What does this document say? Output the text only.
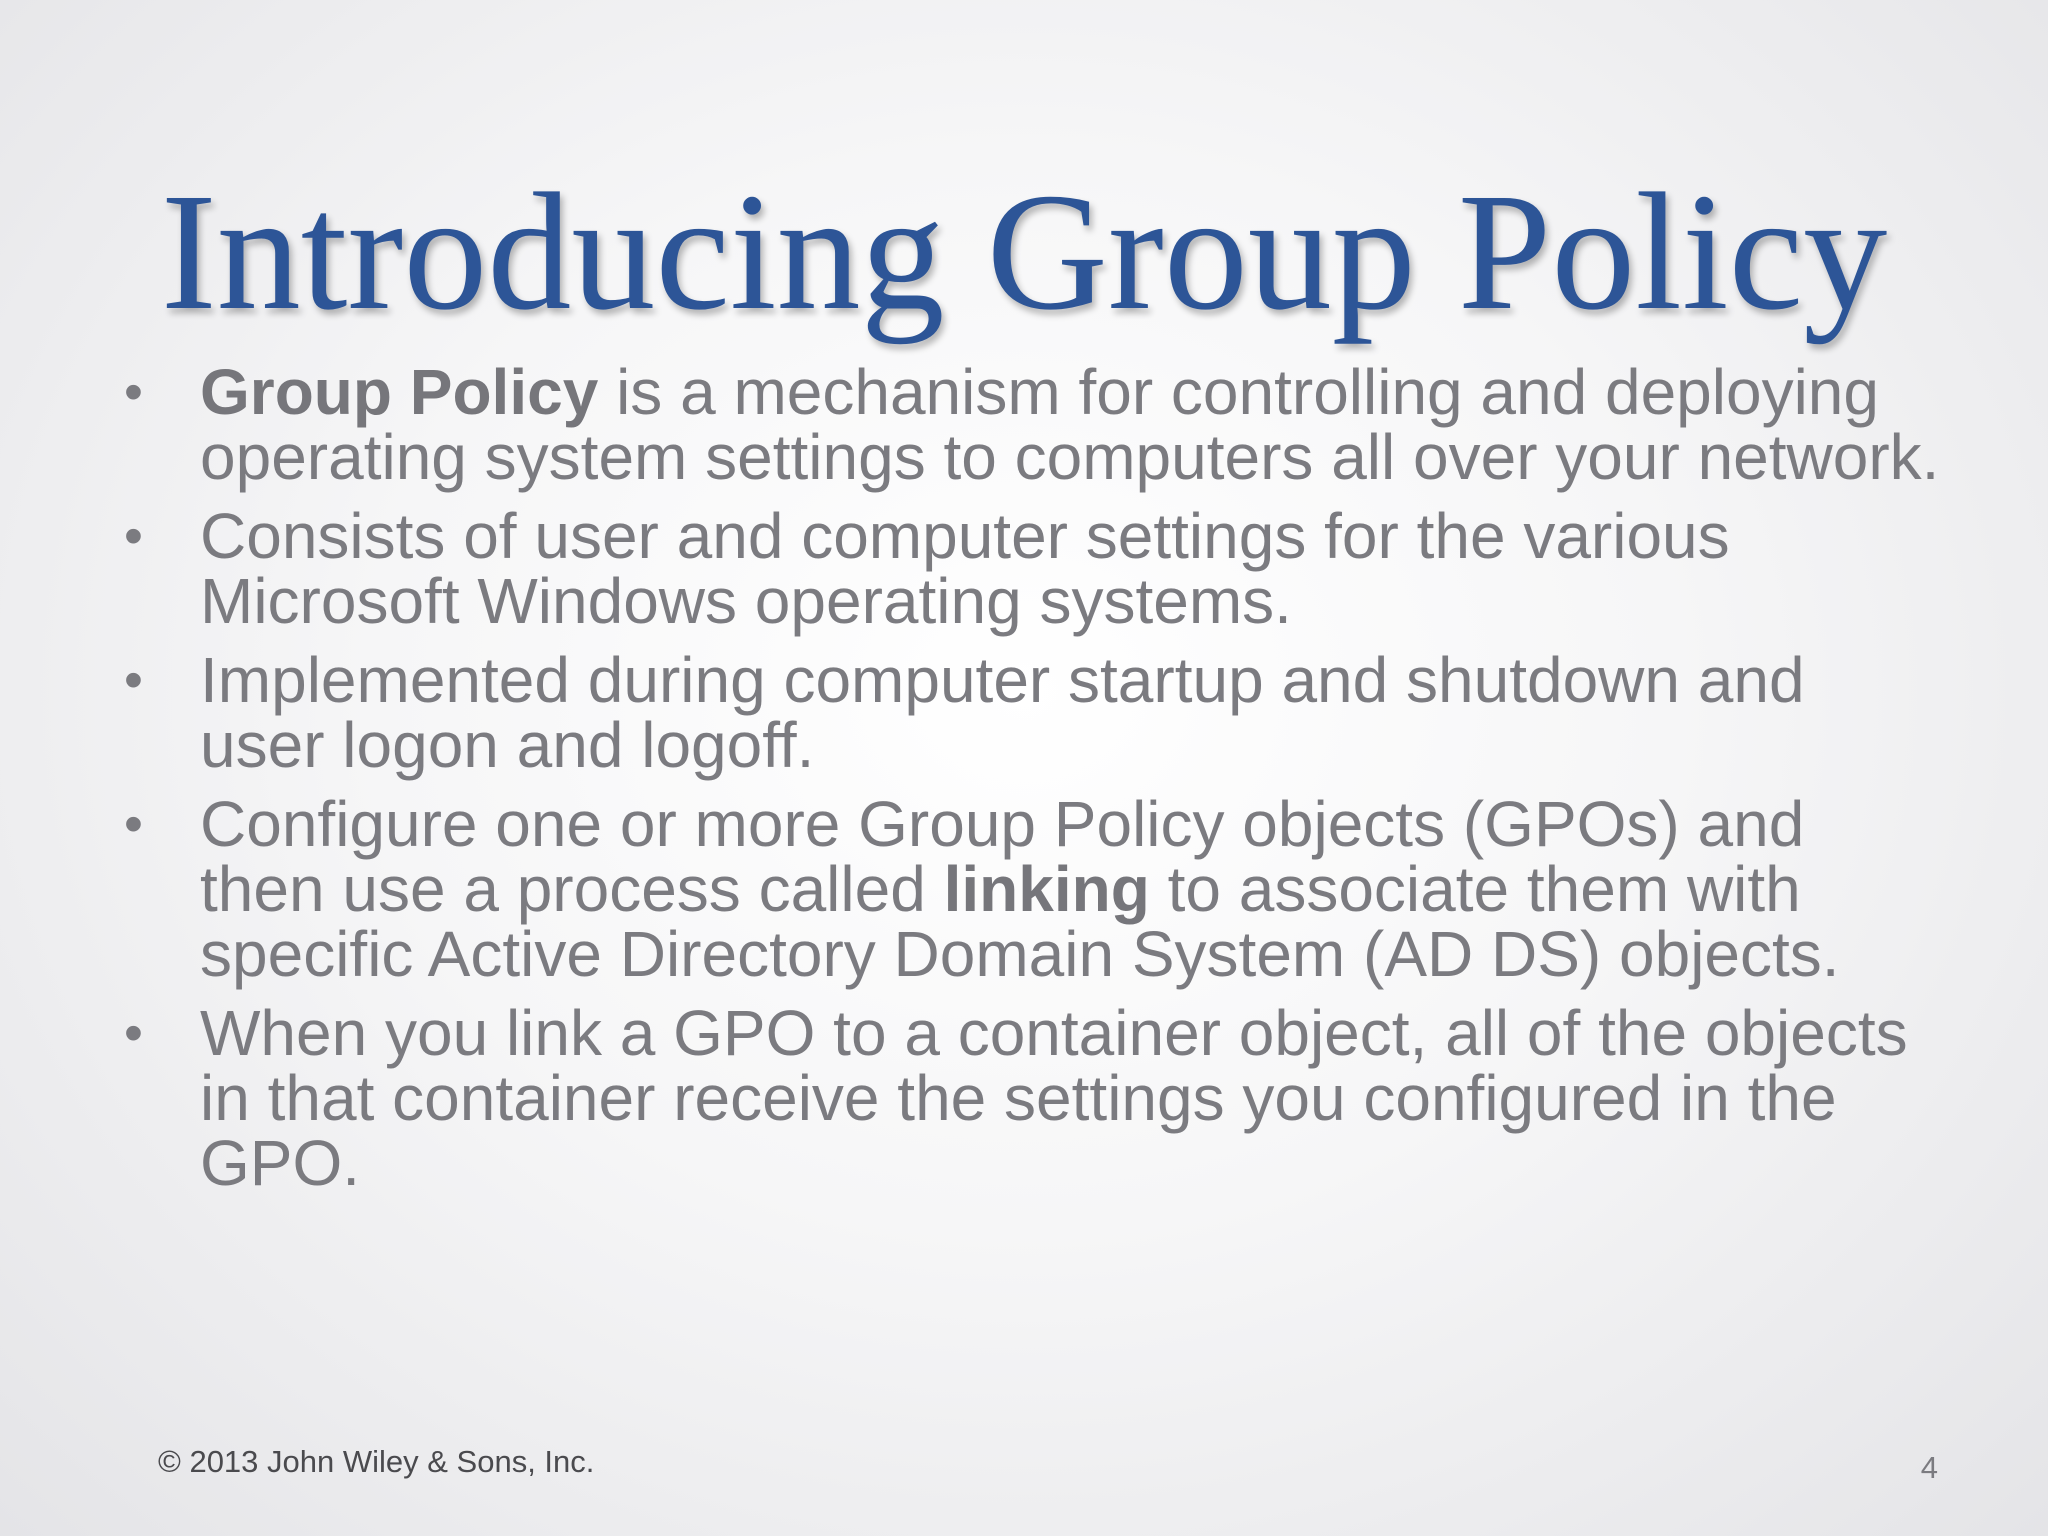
Introducing Group Policy
• Group Policy is a mechanism for controlling and deploying operating system settings to computers all over your network.
• Consists of user and computer settings for the various Microsoft Windows operating systems.
• Implemented during computer startup and shutdown and user logon and logoff.
• Configure one or more Group Policy objects (GPOs) and then use a process called linking to associate them with specific Active Directory Domain System (AD DS) objects.
• When you link a GPO to a container object, all of the objects in that container receive the settings you configured in the GPO.
© 2013 John Wiley & Sons, Inc.	4
